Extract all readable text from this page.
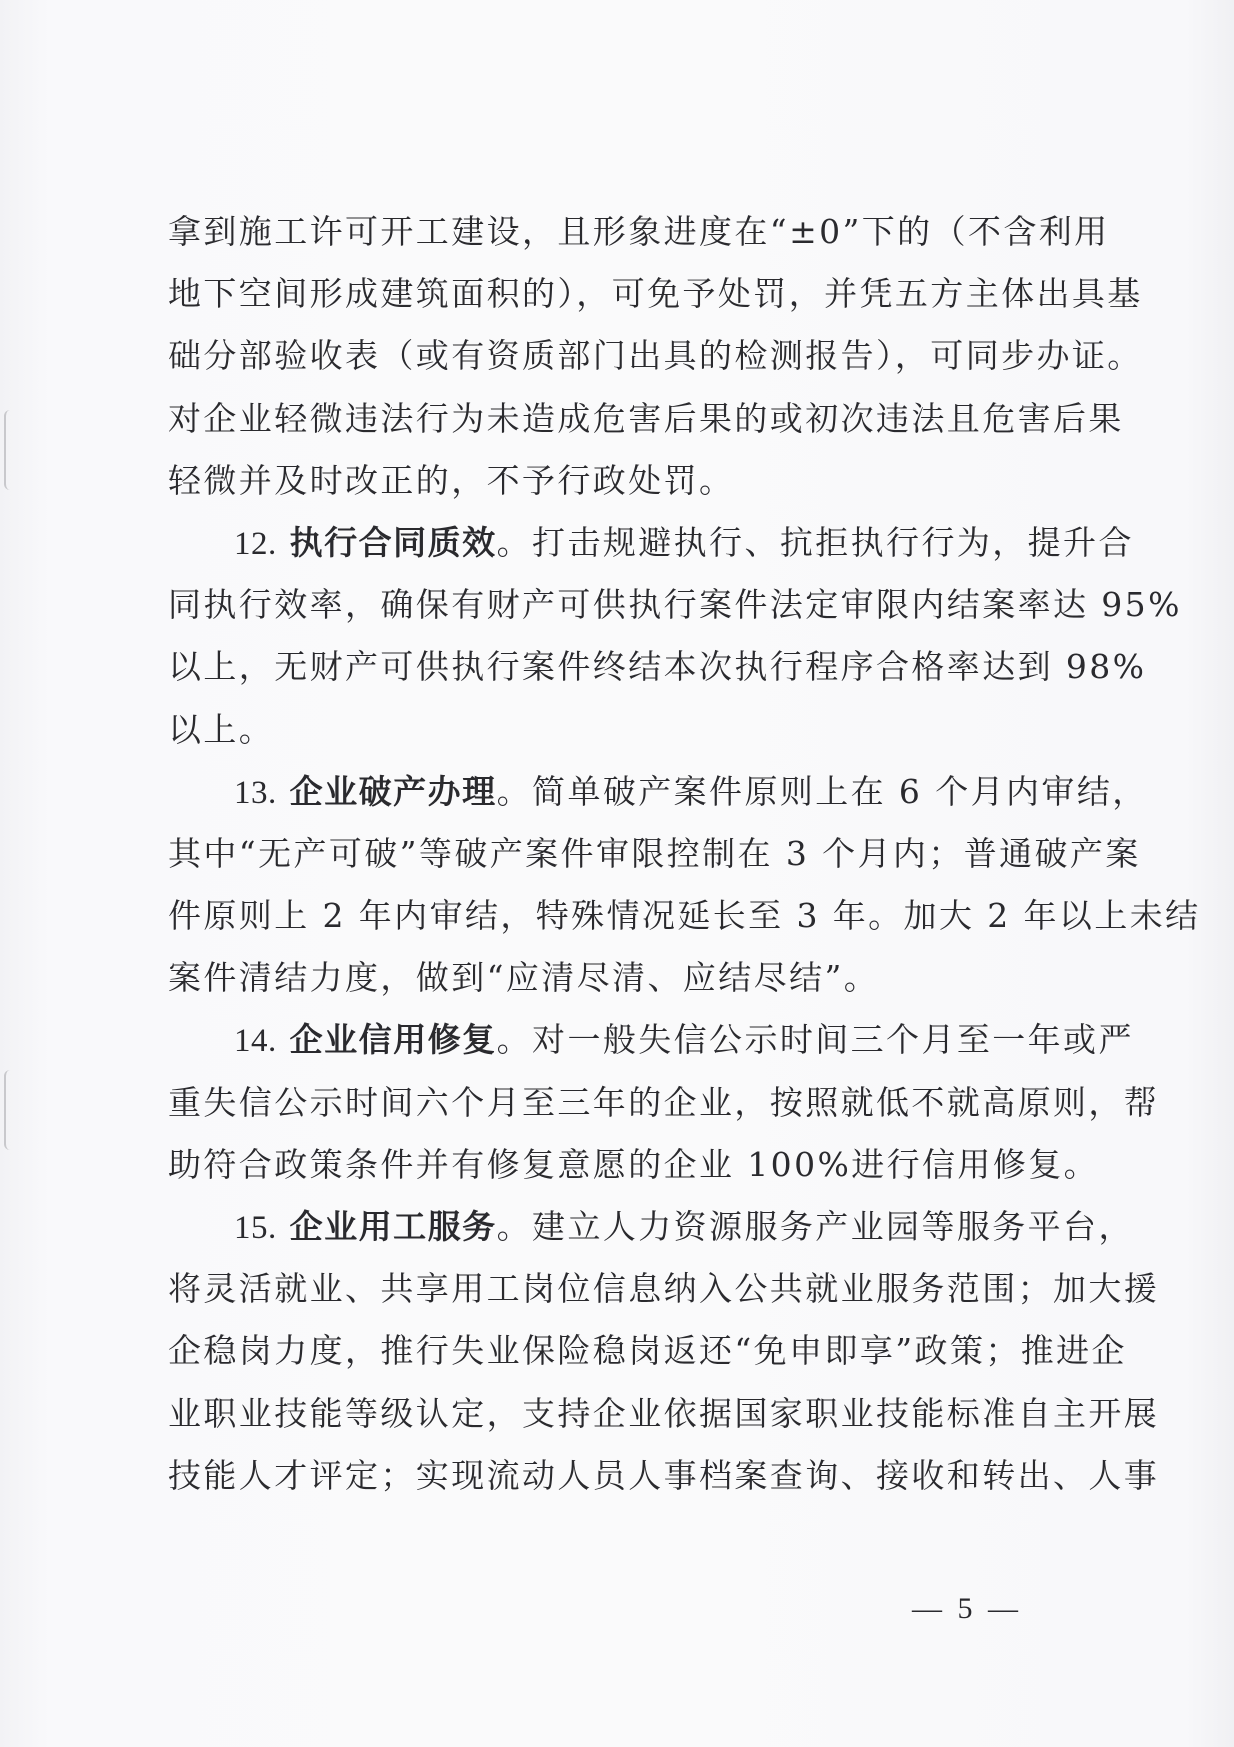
拿到施工许可开工建设，且形象进度在“±0”下的（不含利用
地下空间形成建筑面积的），可免予处罚，并凭五方主体出具基
础分部验收表（或有资质部门出具的检测报告），可同步办证。
对企业轻微违法行为未造成危害后果的或初次违法且危害后果
轻微并及时改正的，不予行政处罚。
12. 执行合同质效。打击规避执行、抗拒执行行为，提升合
同执行效率，确保有财产可供执行案件法定审限内结案率达 95%
以上，无财产可供执行案件终结本次执行程序合格率达到 98%
以上。
13. 企业破产办理。简单破产案件原则上在 6 个月内审结，
其中“无产可破”等破产案件审限控制在 3 个月内；普通破产案
件原则上 2 年内审结，特殊情况延长至 3 年。加大 2 年以上未结
案件清结力度，做到“应清尽清、应结尽结”。
14. 企业信用修复。对一般失信公示时间三个月至一年或严
重失信公示时间六个月至三年的企业，按照就低不就高原则，帮
助符合政策条件并有修复意愿的企业 100%进行信用修复。
15. 企业用工服务。建立人力资源服务产业园等服务平台，
将灵活就业、共享用工岗位信息纳入公共就业服务范围；加大援
企稳岗力度，推行失业保险稳岗返还“免申即享”政策；推进企
业职业技能等级认定，支持企业依据国家职业技能标准自主开展
技能人才评定；实现流动人员人事档案查询、接收和转出、人事
— 5 —
